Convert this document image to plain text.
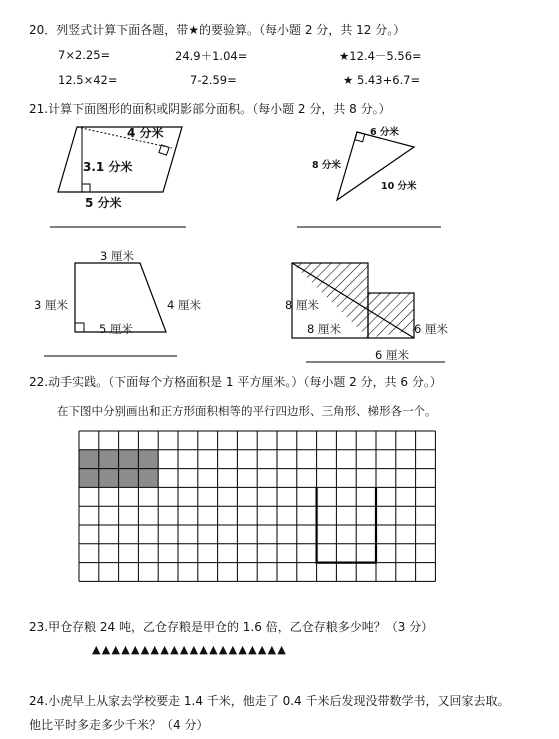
20．列竖式计算下面各题，带★的要验算。（每小题 2 分，共 12 分。）
7×2.25=	24.9＋1.04=	★12.4－5.56=
12.5×42=	7-2.59=	★ 5.43+6.7=
21.计算下面图形的面积或阴影部分面积。（每小题 2 分，共 8 分。）
4 分米
3.1 分米
5 分米
6 分米
8 分米
10 分米
3 厘米
3 厘米	4 厘米
5 厘米
8 厘米
8 厘米	6 厘米
6 厘米
22.动手实践。（下面每个方格面积是 1 平方厘米。）（每小题 2 分，共 6 分。）
在下图中分别画出和正方形面积相等的平行四边形、三角形、梯形各一个。
23.甲仓存粮 24 吨，乙仓存粮是甲仓的 1.6 倍，乙仓存粮多少吨？（3 分）
▲▲▲▲▲▲▲▲▲▲▲▲▲▲▲▲▲▲▲▲
24.小虎早上从家去学校要走 1.4 千米，他走了 0.4 千米后发现没带数学书，又回家去取。
他比平时多走多少千米？（4 分）
